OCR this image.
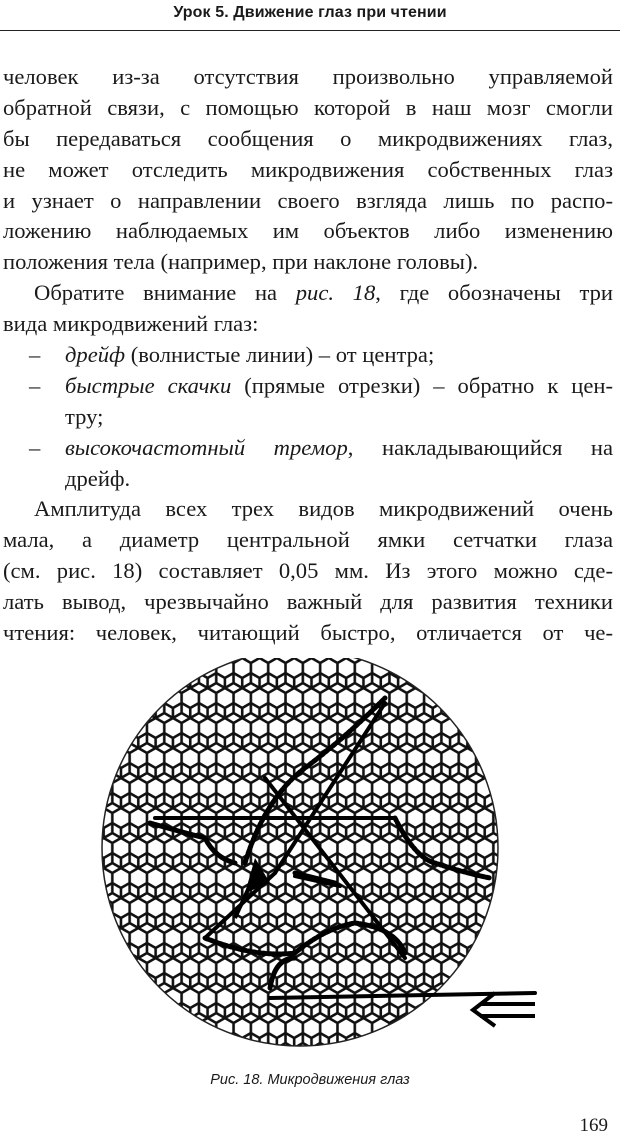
Урок 5. Движение глаз при чтении
человек из-за отсутствия произвольно управляемой
обратной связи, с помощью которой в наш мозг смогли
бы передаваться сообщения о микродвижениях глаз,
не может отследить микродвижения собственных глаз
и узнает о направлении своего взгляда лишь по распо-
ложению наблюдаемых им объектов либо изменению
положения тела (например, при наклоне головы).
Обратите внимание на рис. 18, где обозначены три
вида микродвижений глаз:
– дрейф (волнистые линии) – от центра;
– быстрые скачки (прямые отрезки) – обратно к цен-
тру;
– высокочастотный тремор, накладывающийся на
дрейф.
Амплитуда всех трех видов микродвижений очень
мала, а диаметр центральной ямки сетчатки глаза
(см. рис. 18) составляет 0,05 мм. Из этого можно сде-
лать вывод, чрезвычайно важный для развития техники
чтения: человек, читающий быстро, отличается от че-
Рис. 18. Микродвижения глаз
169
